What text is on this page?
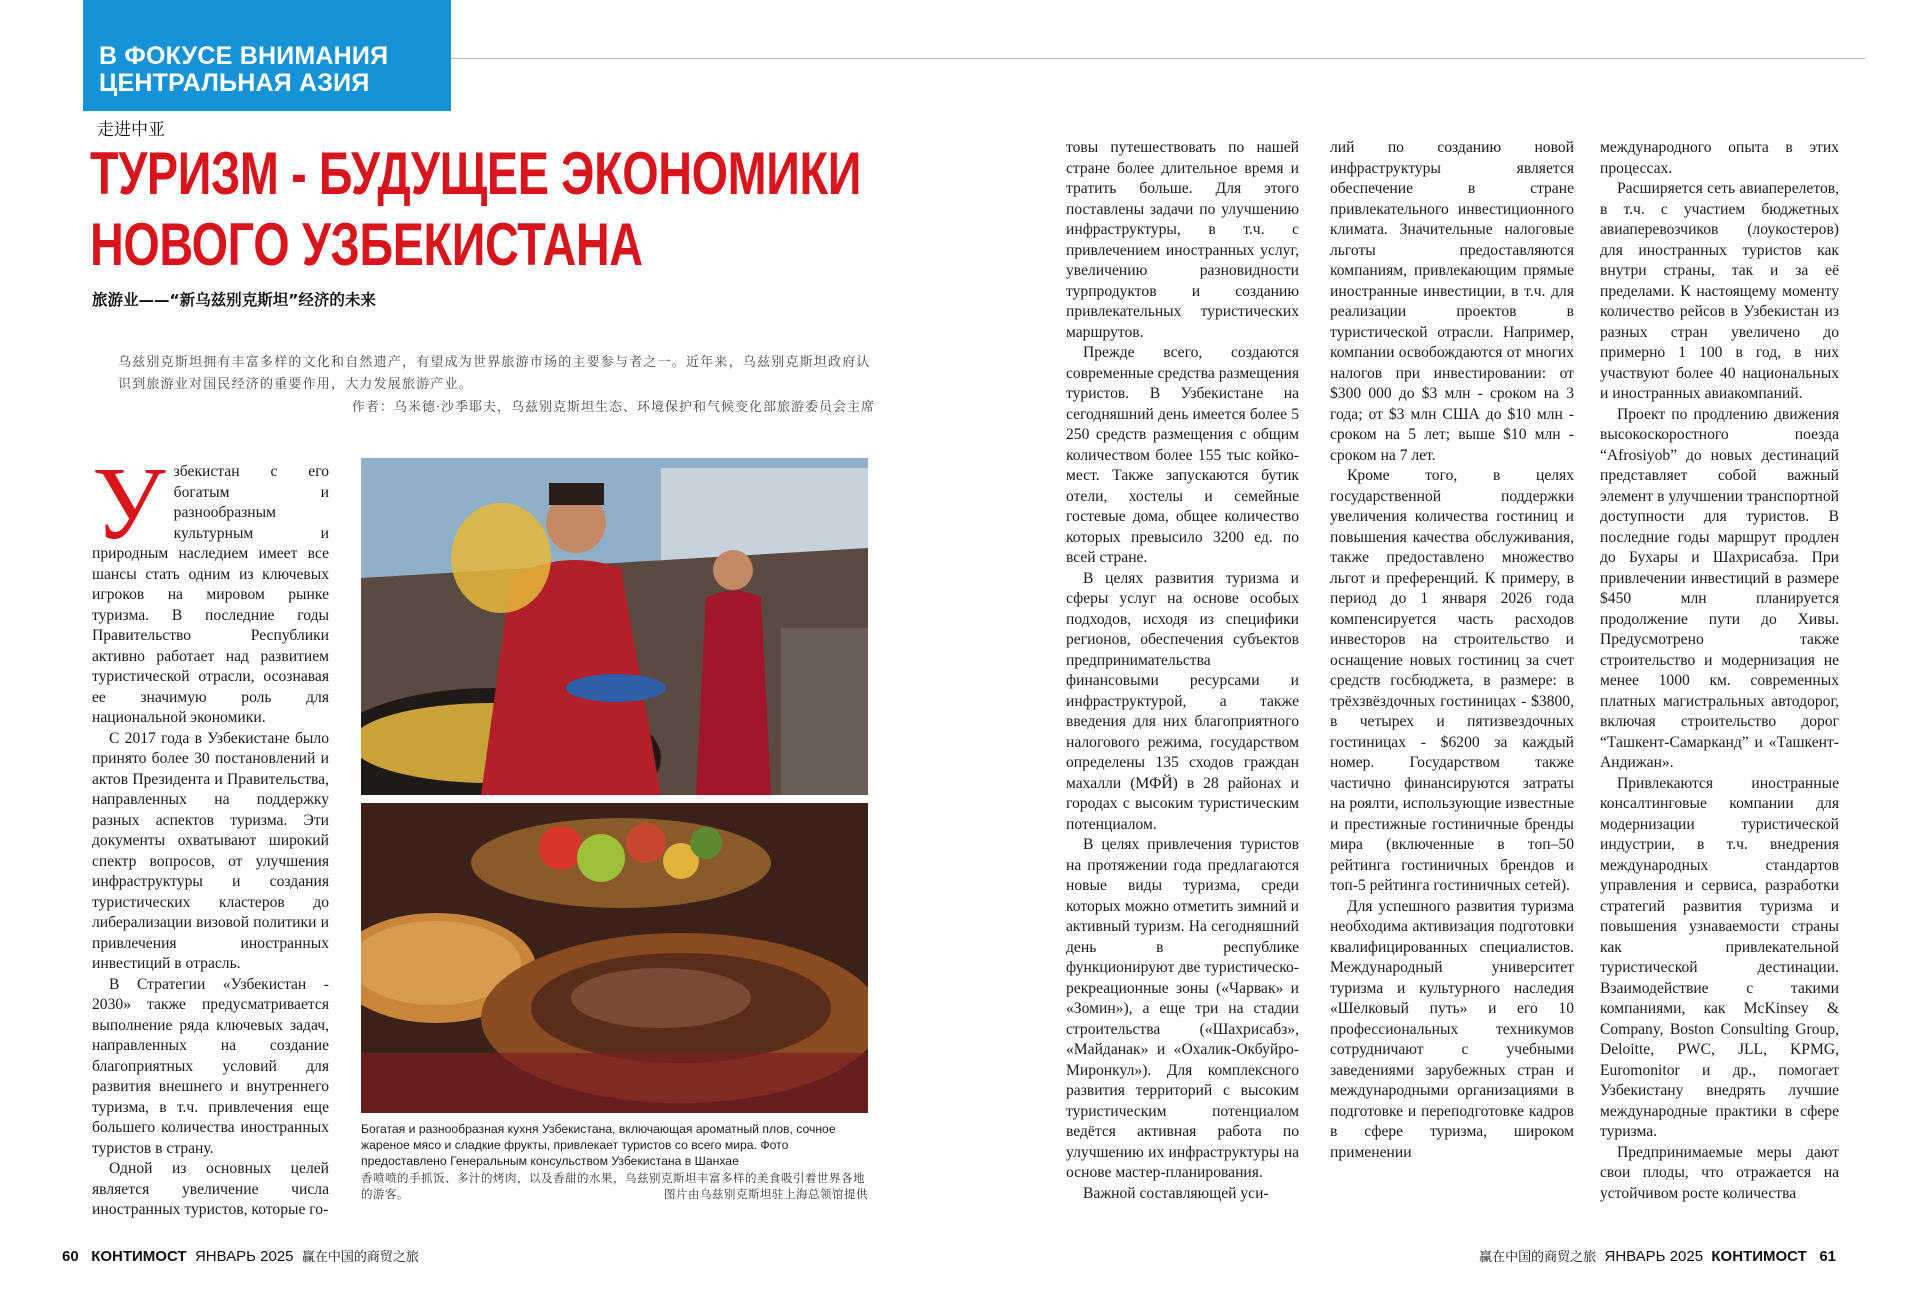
В ФОКУСЕ ВНИМАНИЯ
ЦЕНТРАЛЬНАЯ АЗИЯ
走进中亚
ТУРИЗМ - БУДУЩЕЕ ЭКОНОМИКИ
НОВОГО УЗБЕКИСТАНА
旅游业——“新乌兹别克斯坦”经济的未来
乌兹别克斯坦拥有丰富多样的文化和自然遗产，有望成为世界旅游市场的主要参与者之一。近年来，乌兹别克斯坦政府认识到旅游业对国民经济的重要作用，大力发展旅游产业。
作者：乌米德·沙季耶夫，乌兹别克斯坦生态、环境保护和气候变化部旅游委员会主席

Узбекистан с его богатым и разнообразным культурным и природным наследием имеет все шансы стать одним из ключевых игроков на мировом рынке туризма. В последние годы Правительство Республики активно работает над развитием туристической отрасли, осознавая ее значимую роль для национальной экономики.

С 2017 года в Узбекистане было принято более 30 постановлений и актов Президента и Правительства, направленных на поддержку разных аспектов туризма. Эти документы охватывают широкий спектр вопросов, от улучшения инфраструктуры и создания туристических кластеров до либерализации визовой политики и привлечения иностранных инвестиций в отрасль.

В Стратегии «Узбекистан - 2030» также предусматривается выполнение ряда ключевых задач, направленных на создание благоприятных условий для развития внешнего и внутреннего туризма, в т.ч. привлечения еще большего количества иностранных туристов в страну.

Одной из основных целей является увеличение числа иностранных туристов, которые го-

Богатая и разнообразная кухня Узбекистана, включающая ароматный плов, сочное жареное мясо и сладкие фрукты, привлекает туристов со всего мира. Фото предоставлено Генеральным консульством Узбекистана в Шанхае
香喷喷的手抓饭、多汁的烤肉，以及香甜的水果，乌兹别克斯坦丰富多样的美食吸引着世界各地的游客。	图片由乌兹别克斯坦驻上海总领馆提供

товы путешествовать по нашей стране более длительное время и тратить больше. Для этого поставлены задачи по улучшению инфраструктуры, в т.ч. с привлечением иностранных услуг, увеличению разновидности турпродуктов и созданию привлекательных туристических маршрутов.

Прежде всего, создаются современные средства размещения туристов. В Узбекистане на сегодняшний день имеется более 5 250 средств размещения с общим количеством более 155 тыс койко-мест. Также запускаются бутик отели, хостелы и семейные гостевые дома, общее количество которых превысило 3200 ед. по всей стране.

В целях развития туризма и сферы услуг на основе особых подходов, исходя из специфики регионов, обеспечения субъектов предпринимательства финансовыми ресурсами и инфраструктурой, а также введения для них благоприятного налогового режима, государством определены 135 сходов граждан махалли (МФЙ) в 28 районах и городах с высоким туристическим потенциалом.

В целях привлечения туристов на протяжении года предлагаются новые виды туризма, среди которых можно отметить зимний и активный туризм. На сегодняшний день в республике функционируют две туристическо-рекреационные зоны («Чарвак» и «Зомин»), а еще три на стадии строительства («Шахрисабз», «Майданак» и «Охалик-Окбуйро-Миронкул»). Для комплексного развития территорий с высоким туристическим потенциалом ведётся активная работа по улучшению их инфраструктуры на основе мастер-планирования.

Важной составляющей уси-

лий по созданию новой инфраструктуры является обеспечение в стране привлекательного инвестиционного климата. Значительные налоговые льготы предоставляются компаниям, привлекающим прямые иностранные инвестиции, в т.ч. для реализации проектов в туристической отрасли. Например, компании освобождаются от многих налогов при инвестировании: от $300 000 до $3 млн - сроком на 3 года; от $3 млн США до $10 млн - сроком на 5 лет; выше $10 млн - сроком на 7 лет.

Кроме того, в целях государственной поддержки увеличения количества гостиниц и повышения качества обслуживания, также предоставлено множество льгот и преференций. К примеру, в период до 1 января 2026 года компенсируется часть расходов инвесторов на строительство и оснащение новых гостиниц за счет средств госбюджета, в размере: в трёхзвёздочных гостиницах - $3800, в четырех и пятизвездочных гостиницах - $6200 за каждый номер. Государством также частично финансируются затраты на роялти, использующие известные и престижные гостиничные бренды мира (включенные в топ–50 рейтинга гостиничных брендов и топ-5 рейтинга гостиничных сетей).

Для успешного развития туризма необходима активизация подготовки квалифицированных специалистов. Международный университет туризма и культурного наследия «Шелковый путь» и его 10 профессиональных техникумов сотрудничают с учебными заведениями зарубежных стран и международными организациями в подготовке и переподготовке кадров в сфере туризма, широком применении

международного опыта в этих процессах.

Расширяется сеть авиаперелетов, в т.ч. с участием бюджетных авиаперевозчиков (лоукостеров) для иностранных туристов как внутри страны, так и за её пределами. К настоящему моменту количество рейсов в Узбекистан из разных стран увеличено до примерно 1 100 в год, в них участвуют более 40 национальных и иностранных авиакомпаний.

Проект по продлению движения высокоскоростного поезда “Afrosiyob” до новых дестинаций представляет собой важный элемент в улучшении транспортной доступности для туристов. В последние годы маршрут продлен до Бухары и Шахрисабза. При привлечении инвестиций в размере $450 млн планируется продолжение пути до Хивы. Предусмотрено также строительство и модернизация не менее 1000 км. современных платных магистральных автодорог, включая строительство дорог “Ташкент-Самарканд” и «Ташкент-Андижан».

Привлекаются иностранные консалтинговые компании для модернизации туристической индустрии, в т.ч. внедрения международных стандартов управления и сервиса, разработки стратегий развития туризма и повышения узнаваемости страны как привлекательной туристической дестинации. Взаимодействие с такими компаниями, как McKinsey & Company, Boston Consulting Group, Deloitte, PWC, JLL, KPMG, Euromonitor и др., помогает Узбекистану внедрять лучшие международные практики в сфере туризма.

Предпринимаемые меры дают свои плоды, что отражается на устойчивом росте количества

60 КОНТИМОСТ ЯНВАРЬ 2025 赢在中国的商贸之旅	赢在中国的商贸之旅 ЯНВАРЬ 2025 КОНТИМОСТ 61
